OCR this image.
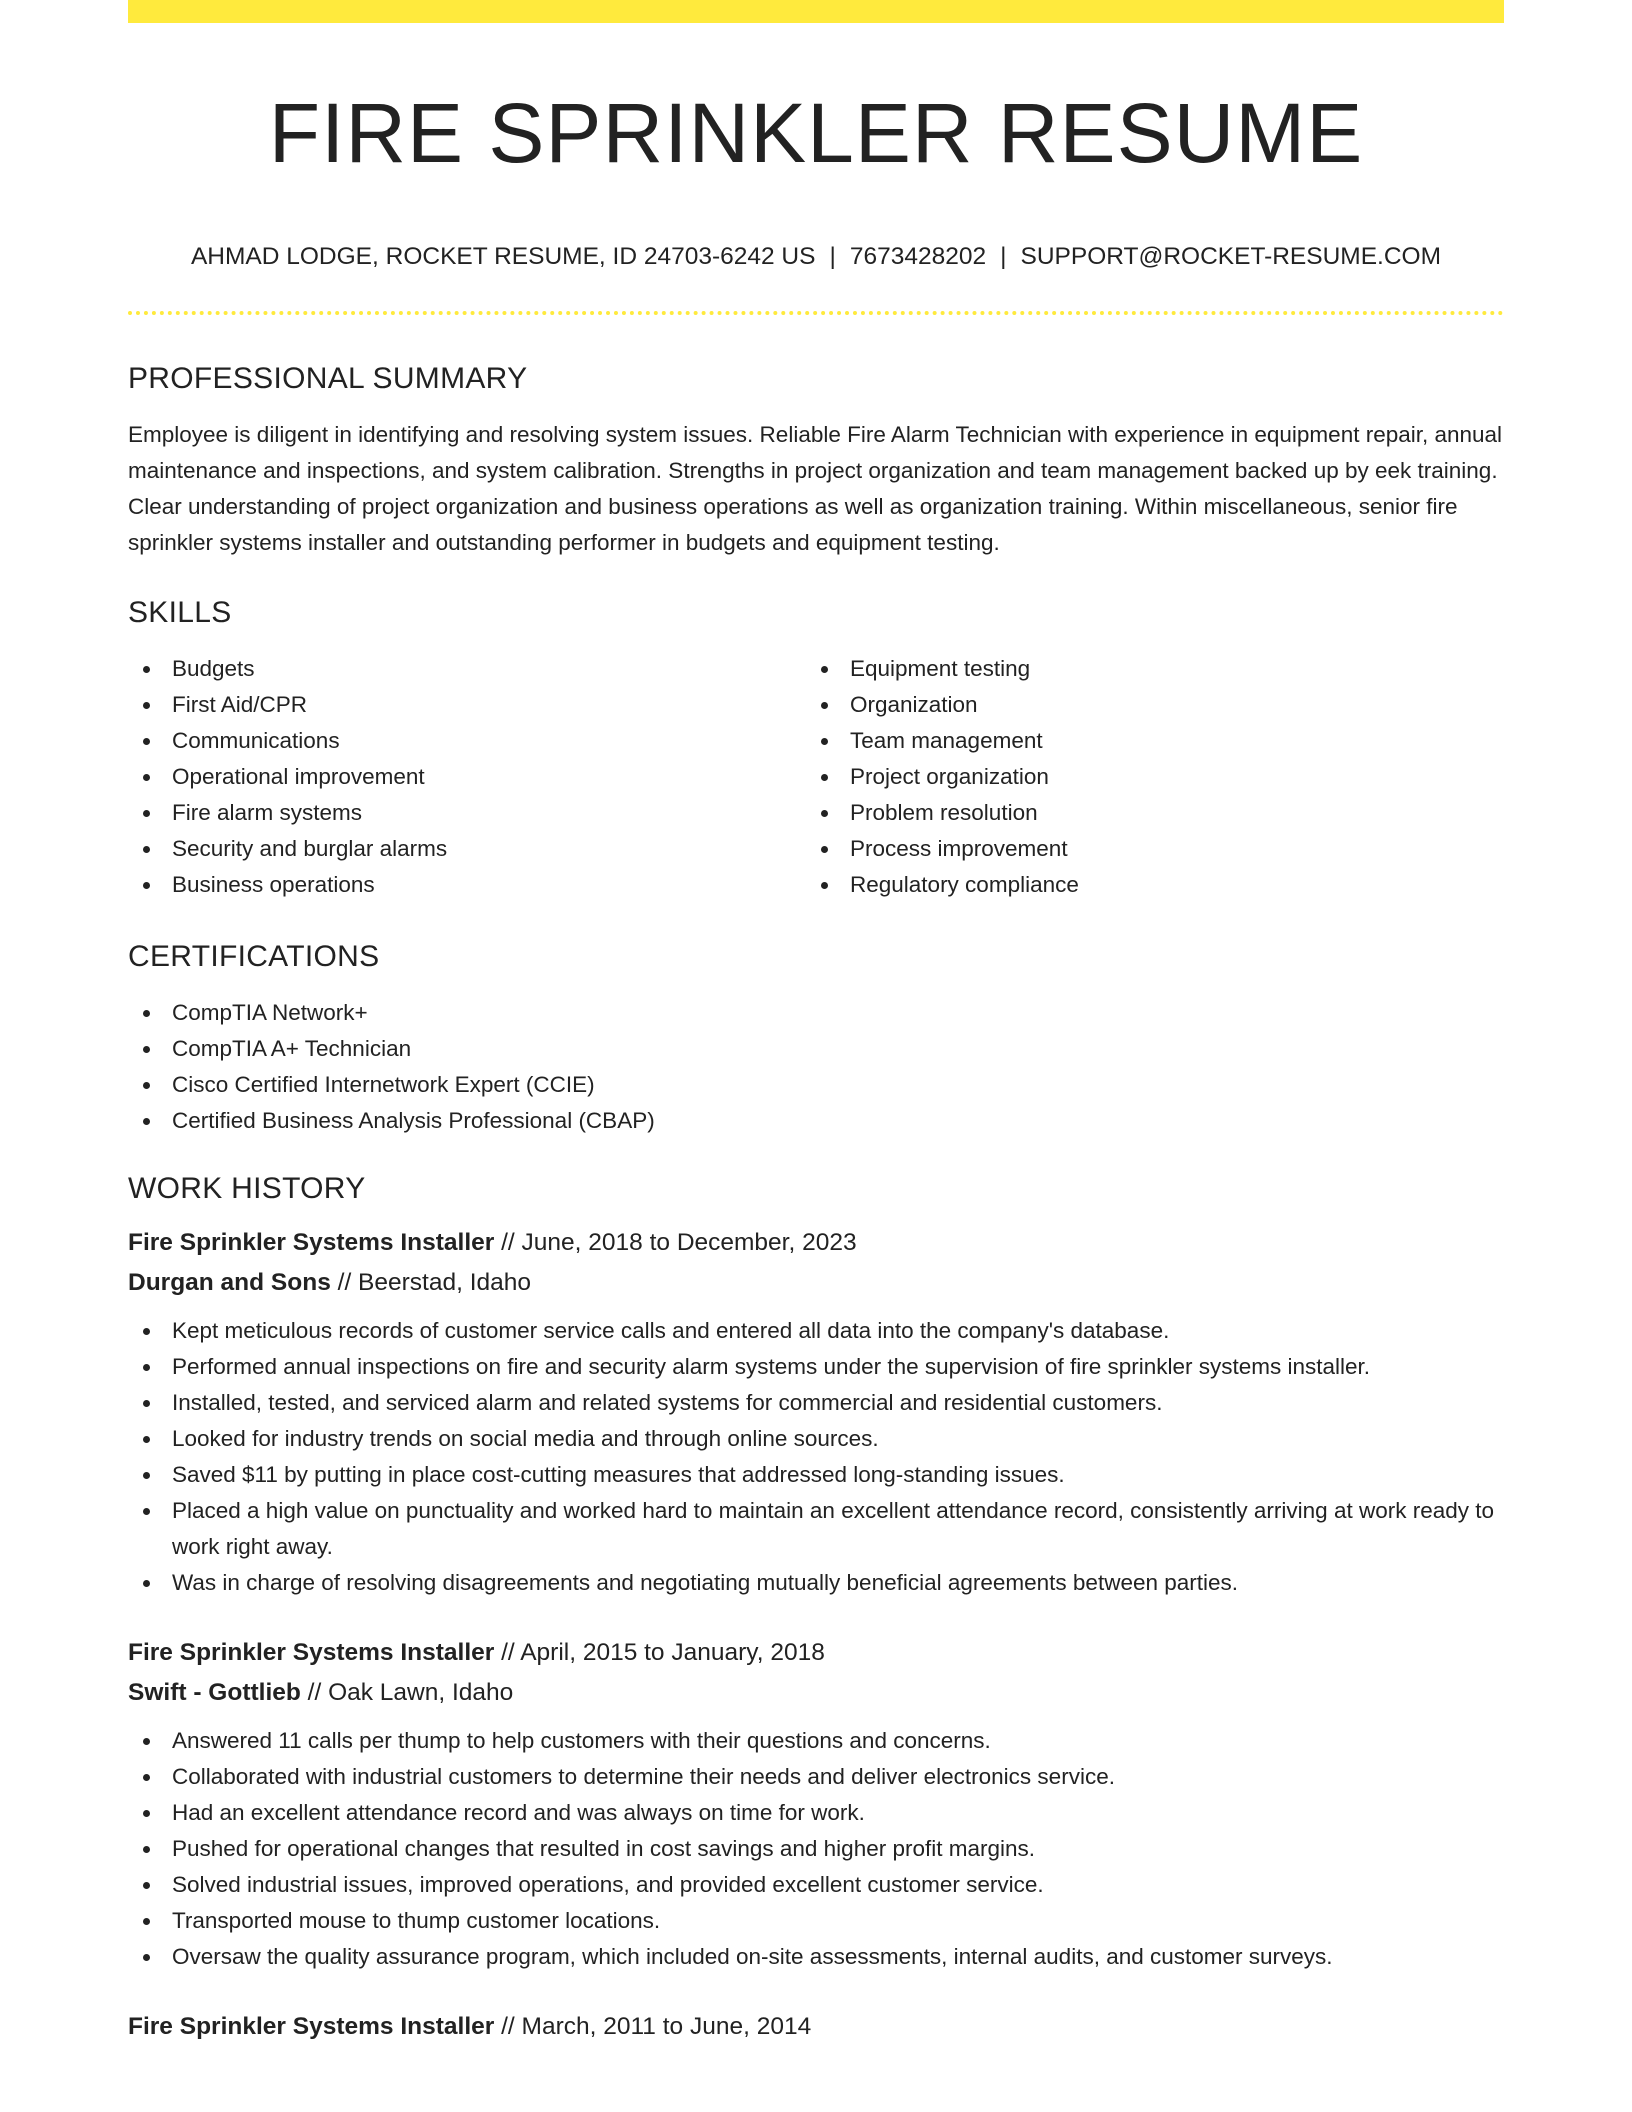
FIRE SPRINKLER RESUME
AHMAD LODGE, ROCKET RESUME, ID 24703-6242 US | 7673428202 | SUPPORT@ROCKET-RESUME.COM
PROFESSIONAL SUMMARY

Employee is diligent in identifying and resolving system issues. Reliable Fire Alarm Technician with experience in equipment repair, annual maintenance and inspections, and system calibration. Strengths in project organization and team management backed up by eek training. Clear understanding of project organization and business operations as well as organization training. Within miscellaneous, senior fire sprinkler systems installer and outstanding performer in budgets and equipment testing.

SKILLS
Budgets
First Aid/CPR
Communications
Operational improvement
Fire alarm systems
Security and burglar alarms
Business operations
Equipment testing
Organization
Team management
Project organization
Problem resolution
Process improvement
Regulatory compliance
CERTIFICATIONS
CompTIA Network+
CompTIA A+ Technician
Cisco Certified Internetwork Expert (CCIE)
Certified Business Analysis Professional (CBAP)
WORK HISTORY
Fire Sprinkler Systems Installer // June, 2018 to December, 2023
Durgan and Sons // Beerstad, Idaho
Kept meticulous records of customer service calls and entered all data into the company's database.
Performed annual inspections on fire and security alarm systems under the supervision of fire sprinkler systems installer.
Installed, tested, and serviced alarm and related systems for commercial and residential customers.
Looked for industry trends on social media and through online sources.
Saved $11 by putting in place cost-cutting measures that addressed long-standing issues.
Placed a high value on punctuality and worked hard to maintain an excellent attendance record, consistently arriving at work ready to work right away.
Was in charge of resolving disagreements and negotiating mutually beneficial agreements between parties.
Fire Sprinkler Systems Installer // April, 2015 to January, 2018
Swift - Gottlieb // Oak Lawn, Idaho
Answered 11 calls per thump to help customers with their questions and concerns.
Collaborated with industrial customers to determine their needs and deliver electronics service.
Had an excellent attendance record and was always on time for work.
Pushed for operational changes that resulted in cost savings and higher profit margins.
Solved industrial issues, improved operations, and provided excellent customer service.
Transported mouse to thump customer locations.
Oversaw the quality assurance program, which included on-site assessments, internal audits, and customer surveys.
Fire Sprinkler Systems Installer // March, 2011 to June, 2014
